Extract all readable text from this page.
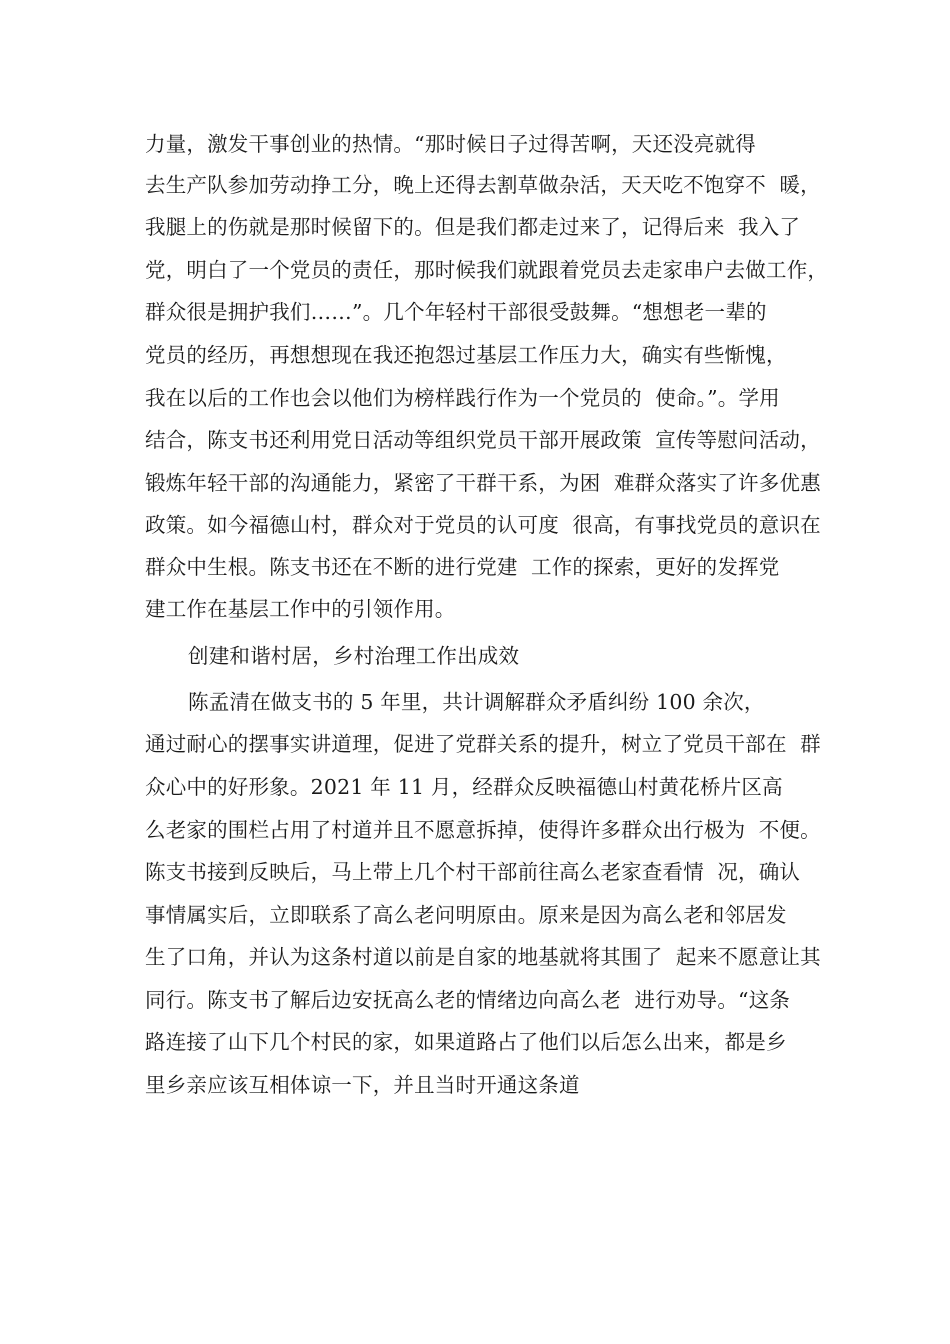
力量，激发干事创业的热情。“那时候日子过得苦啊，天还没亮就得
去生产队参加劳动挣工分，晚上还得去割草做杂活，天天吃不饱穿不  暖，
我腿上的伤就是那时候留下的。但是我们都走过来了，记得后来  我入了
党，明白了一个党员的责任，那时候我们就跟着党员去走家串户去做工作，
群众很是拥护我们……”。几个年轻村干部很受鼓舞。“想想老一辈的
党员的经历，再想想现在我还抱怨过基层工作压力大，确实有些惭愧，
我在以后的工作也会以他们为榜样践行作为一个党员的  使命。”。学用
结合，陈支书还利用党日活动等组织党员干部开展政策  宣传等慰问活动，
锻炼年轻干部的沟通能力，紧密了干群干系，为困  难群众落实了许多优惠
政策。如今福德山村，群众对于党员的认可度  很高，有事找党员的意识在
群众中生根。陈支书还在不断的进行党建  工作的探索，更好的发挥党
建工作在基层工作中的引领作用。
创建和谐村居，乡村治理工作出成效
陈孟清在做支书的 5 年里，共计调解群众矛盾纠纷 100 余次，
通过耐心的摆事实讲道理，促进了党群关系的提升，树立了党员干部在  群
众心中的好形象。2021 年 11 月，经群众反映福德山村黄花桥片区高
么老家的围栏占用了村道并且不愿意拆掉，使得许多群众出行极为  不便。
陈支书接到反映后，马上带上几个村干部前往高么老家查看情  况，确认
事情属实后，立即联系了高么老问明原由。原来是因为高么老和邻居发
生了口角，并认为这条村道以前是自家的地基就将其围了  起来不愿意让其
同行。陈支书了解后边安抚高么老的情绪边向高么老  进行劝导。“这条
路连接了山下几个村民的家，如果道路占了他们以后怎么出来，都是乡
里乡亲应该互相体谅一下，并且当时开通这条道
